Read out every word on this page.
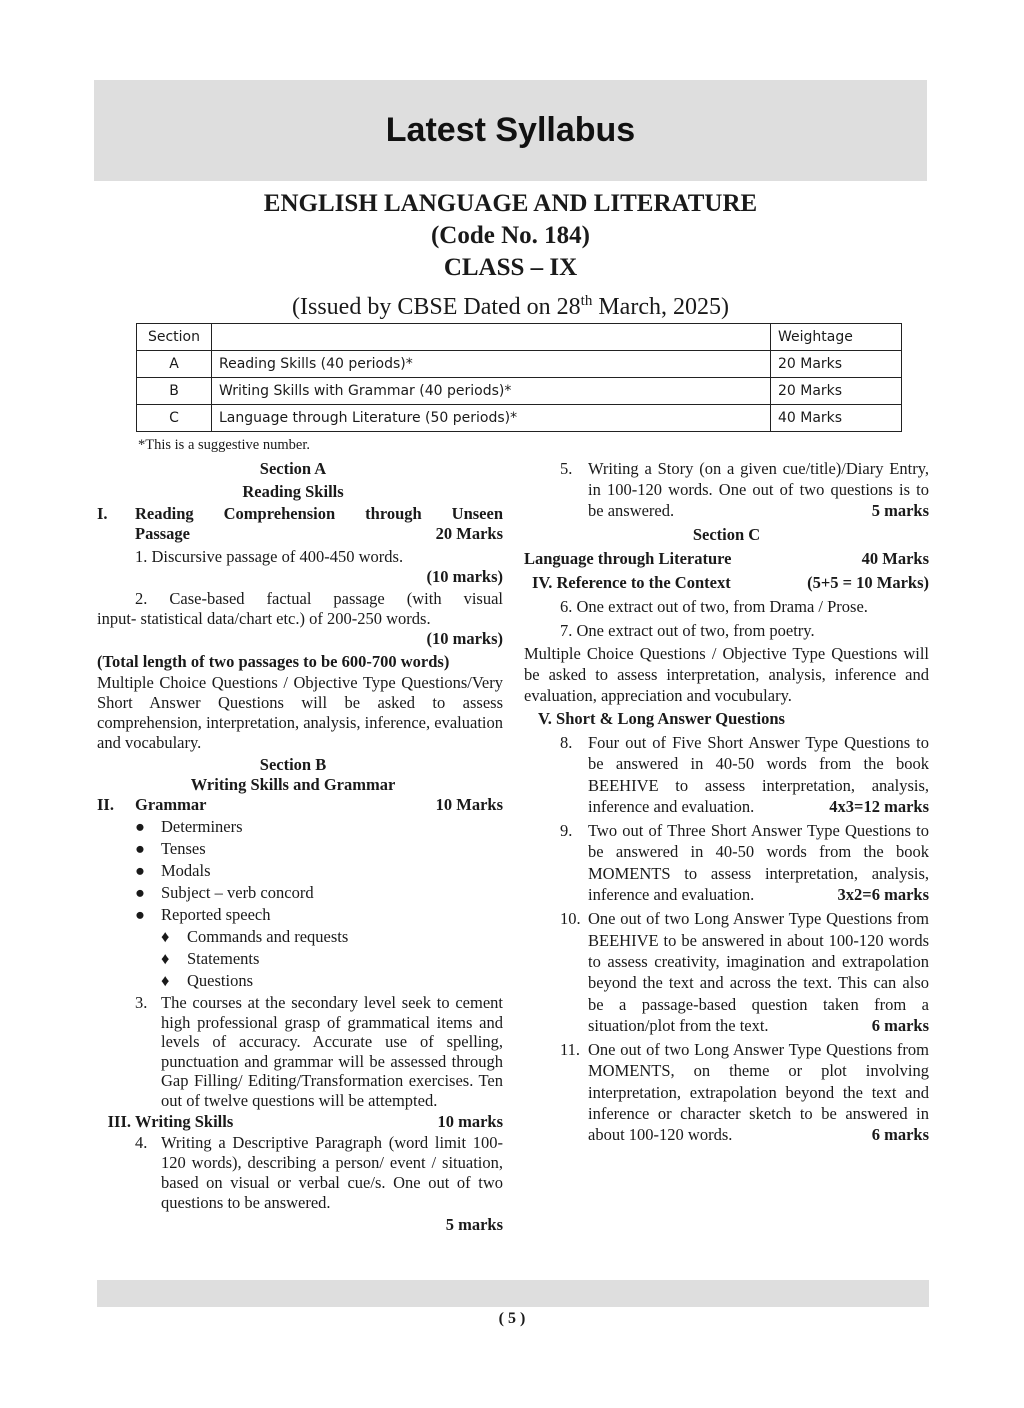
Latest Syllabus
ENGLISH LANGUAGE AND LITERATURE
(Code No. 184)
CLASS – IX
(Issued by CBSE Dated on 28th March, 2025)
Section		Weightage
A	Reading Skills (40 periods)*	20 Marks
B	Writing Skills with Grammar (40 periods)*	20 Marks
C	Language through Literature (50 periods)*	40 Marks
*This is a suggestive number.

Section A

Reading Skills

I.	Reading Comprehension through Unseen

Passage	20 Marks

1. Discursive passage of 400-450 words.

(10 marks)

2. Case-based factual passage (with visual

input- statistical data/chart etc.) of 200-250 words.

(10 marks)

(Total length of two passages to be 600-700 words)

Multiple Choice Questions / Objective Type Questions/Very Short Answer Questions will be asked to assess comprehension, interpretation, analysis, inference, evaluation and vocabulary.

Section B

Writing Skills and Grammar

II.	Grammar	10 Marks

● Determiners
● Tenses
● Modals
● Subject – verb concord
● Reported speech
♦	Commands and requests
♦	Statements
♦	Questions
3. The courses at the secondary level seek to cement high professional grasp of grammatical items and levels of accuracy. Accurate use of spelling, punctuation and grammar will be assessed through Gap Filling/ Editing/Transformation exercises. Ten out of twelve questions will be attempted.

III. Writing Skills	10 marks

4. Writing a Descriptive Paragraph (word limit 100-120 words), describing a person/ event / situation, based on visual or verbal cue/s. One out of two questions to be answered.

5 marks

5. Writing a Story (on a given cue/title)/Diary Entry, in 100-120 words. One out of two questions is to be answered.	5 marks

Section C

Language through Literature	40 Marks

IV. Reference to the Context	(5+5 = 10 Marks)

6. One extract out of two, from Drama / Prose.

7. One extract out of two, from poetry.

Multiple Choice Questions / Objective Type Questions will be asked to assess interpretation, analysis, inference and evaluation, appreciation and vocubulary.

V. Short & Long Answer Questions

8. Four out of Five Short Answer Type Questions to be answered in 40-50 words from the book BEEHIVE to assess interpretation, analysis, inference and evaluation.	4x3=12 marks

9. Two out of Three Short Answer Type Questions to be answered in 40-50 words from the book MOMENTS to assess interpretation, analysis, inference and evaluation.	3x2=6 marks

10. One out of two Long Answer Type Questions from BEEHIVE to be answered in about 100-120 words to assess creativity, imagination and extrapolation beyond the text and across the text. This can also be a passage-based question taken from a situation/plot from the text.	6 marks

11. One out of two Long Answer Type Questions from MOMENTS, on theme or plot involving interpretation, extrapolation beyond the text and inference or character sketch to be answered in about 100-120 words.	6 marks

( 5 )
